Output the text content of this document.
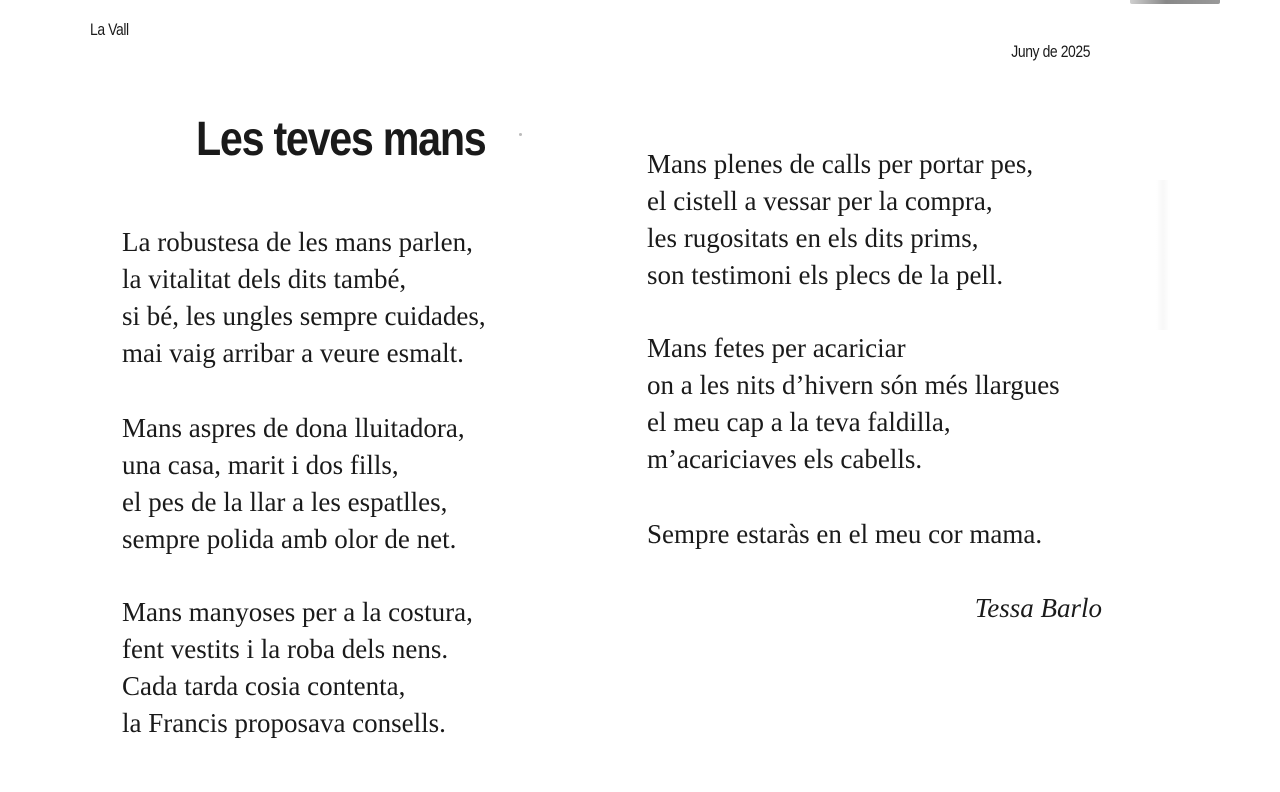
La Vall
Juny de 2025
Les teves mans

La robustesa de les mans parlen,
la vitalitat dels dits també,
si bé, les ungles sempre cuidades,
mai vaig arribar a veure esmalt.

Mans aspres de dona lluitadora,
una casa, marit i dos fills,
el pes de la llar a les espatlles,
sempre polida amb olor de net.

Mans manyoses per a la costura,
fent vestits i la roba dels nens.
Cada tarda cosia contenta,
la Francis proposava consells.

Mans plenes de calls per portar pes,
el cistell a vessar per la compra,
les rugositats en els dits prims,
son testimoni els plecs de la pell.

Mans fetes per acariciar
on a les nits d’hivern són més llargues
el meu cap a la teva faldilla,
m’acariciaves els cabells.

Sempre estaràs en el meu cor mama.

Tessa Barlo
